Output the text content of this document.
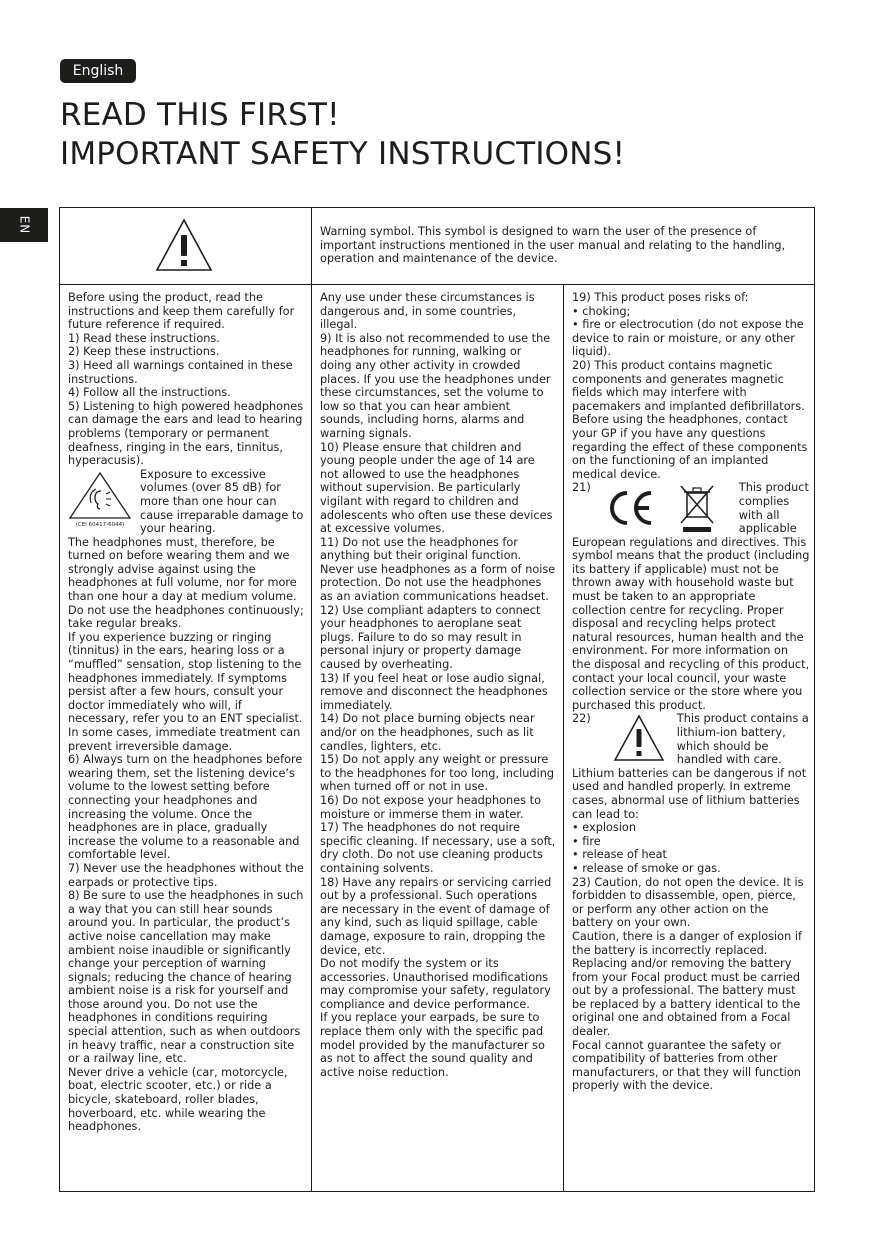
English
READ THIS FIRST!
IMPORTANT SAFETY INSTRUCTIONS!
EN	Warning symbol. This symbol is designed to warn the user of the presence of important instructions mentioned in the user manual and relating to the handling, operation and maintenance of the device.

Before using the product, read the instructions and keep them carefully for future reference if required.

1) Read these instructions.

2) Keep these instructions.

3) Heed all warnings contained in these instructions.

4) Follow all the instructions.

5) Listening to high powered headphones can damage the ears and lead to hearing problems (temporary or permanent deafness, ringing in the ears, tinnitus, hyperacusis).

(CEI 60417-6044)

Exposure to excessive volumes (over 85 dB) for more than one hour can cause irreparable damage to your hearing.

The headphones must, therefore, be turned on before wearing them and we strongly advise against using the headphones at full volume, nor for more than one hour a day at medium volume.

Do not use the headphones continuously; take regular breaks.

If you experience buzzing or ringing (tinnitus) in the ears, hearing loss or a “muffled” sensation, stop listening to the headphones immediately. If symptoms persist after a few hours, consult your doctor immediately who will, if necessary, refer you to an ENT specialist. In some cases, immediate treatment can prevent irreversible damage.

6) Always turn on the headphones before wearing them, set the listening device’s volume to the lowest setting before connecting your headphones and increasing the volume. Once the headphones are in place, gradually increase the volume to a reasonable and comfortable level.

7) Never use the headphones without the earpads or protective tips.

8) Be sure to use the headphones in such a way that you can still hear sounds around you. In particular, the product’s active noise cancellation may make ambient noise inaudible or significantly change your perception of warning signals; reducing the chance of hearing ambient noise is a risk for yourself and those around you. Do not use the headphones in conditions requiring special attention, such as when outdoors in heavy traffic, near a construction site or a railway line, etc.

Never drive a vehicle (car, motorcycle, boat, electric scooter, etc.) or ride a bicycle, skateboard, roller blades, hoverboard, etc. while wearing the headphones.

Any use under these circumstances is dangerous and, in some countries, illegal.

9) It is also not recommended to use the headphones for running, walking or doing any other activity in crowded places. If you use the headphones under these circumstances, set the volume to low so that you can hear ambient sounds, including horns, alarms and warning signals.

10) Please ensure that children and young people under the age of 14 are not allowed to use the headphones without supervision. Be particularly vigilant with regard to children and adolescents who often use these devices at excessive volumes.

11) Do not use the headphones for anything but their original function. Never use headphones as a form of noise protection. Do not use the headphones as an aviation communications headset.

12) Use compliant adapters to connect your headphones to aeroplane seat plugs. Failure to do so may result in personal injury or property damage caused by overheating.

13) If you feel heat or lose audio signal, remove and disconnect the headphones immediately.

14) Do not place burning objects near and/or on the headphones, such as lit candles, lighters, etc.

15) Do not apply any weight or pressure to the headphones for too long, including when turned off or not in use.

16) Do not expose your headphones to moisture or immerse them in water.

17) The headphones do not require specific cleaning. If necessary, use a soft, dry cloth. Do not use cleaning products containing solvents.

18) Have any repairs or servicing carried out by a professional. Such operations are necessary in the event of damage of any kind, such as liquid spillage, cable damage, exposure to rain, dropping the device, etc.

Do not modify the system or its accessories. Unauthorised modifications may compromise your safety, regulatory compliance and device performance.

If you replace your earpads, be sure to replace them only with the specific pad model provided by the manufacturer so as not to affect the sound quality and active noise reduction.

19) This product poses risks of:

• choking;

• fire or electrocution (do not expose the device to rain or moisture, or any other liquid).

20) This product contains magnetic components and generates magnetic fields which may interfere with pacemakers and implanted defibrillators. Before using the headphones, contact your GP if you have any questions regarding the effect of these components on the functioning of an implanted medical device.

21)	This product complies with all applicable European regulations and directives. This symbol means that the product (including its battery if applicable) must not be thrown away with household waste but must be taken to an appropriate collection centre for recycling. Proper disposal and recycling helps protect natural resources, human health and the environment. For more information on the disposal and recycling of this product, contact your local council, your waste collection service or the store where you purchased this product.

22)	This product contains a lithium-ion battery, which should be handled with care.

Lithium batteries can be dangerous if not used and handled properly. In extreme cases, abnormal use of lithium batteries can lead to:

• explosion

• fire

• release of heat

• release of smoke or gas.

23) Caution, do not open the device. It is forbidden to disassemble, open, pierce, or perform any other action on the battery on your own.

Caution, there is a danger of explosion if the battery is incorrectly replaced. Replacing and/or removing the battery from your Focal product must be carried out by a professional. The battery must be replaced by a battery identical to the original one and obtained from a Focal dealer.

Focal cannot guarantee the safety or compatibility of batteries from other manufacturers, or that they will function properly with the device.
